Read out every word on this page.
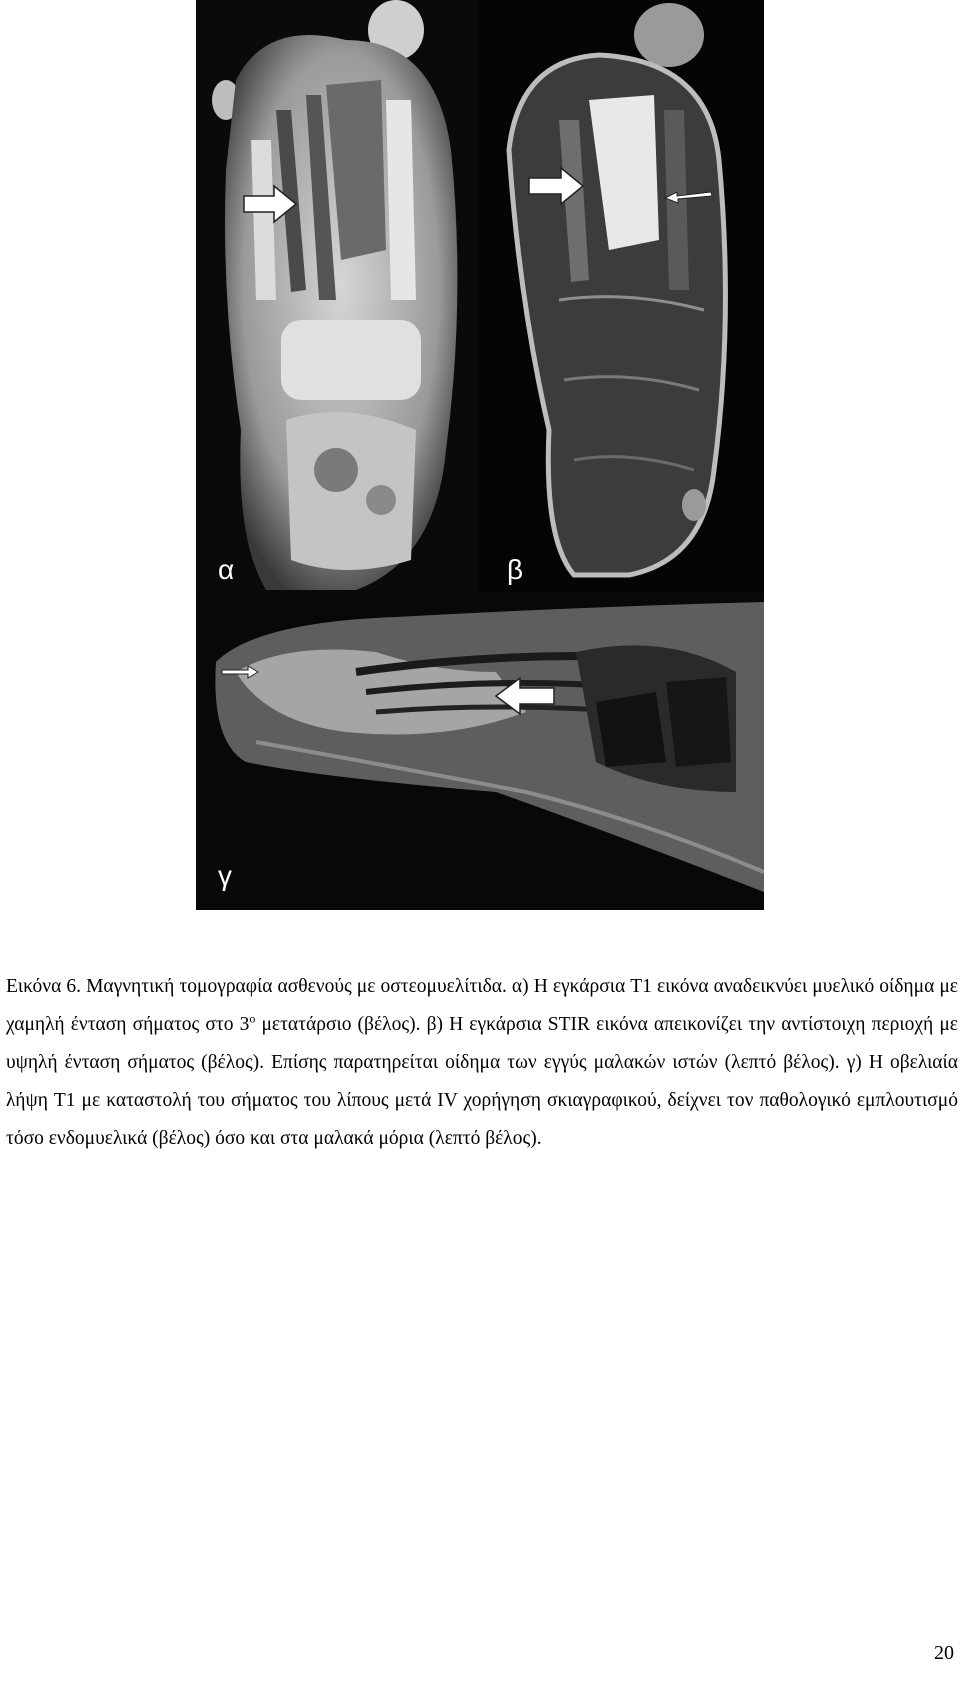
α	β
γ

Εικόνα 6. Μαγνητική τομογραφία ασθενούς με οστεομυελίτιδα. α) Η εγκάρσια T1 εικόνα αναδεικνύει μυελικό οίδημα με χαμηλή ένταση σήματος στο $3^o$ μετατάρσιο (βέλος). β) Η εγκάρσια STIR εικόνα απεικονίζει την αντίστοιχη περιοχή με υψηλή ένταση σήματος (βέλος). Επίσης παρατηρείται οίδημα των εγγύς μαλακών ιστών (λεπτό βέλος). γ) Η οβελιαία λήψη T1 με καταστολή του σήματος του λίπους μετά IV χορήγηση σκιαγραφικού, δείχνει τον παθολογικό εμπλουτισμό τόσο ενδομυελικά (βέλος) όσο και στα μαλακά μόρια (λεπτό βέλος).

20
